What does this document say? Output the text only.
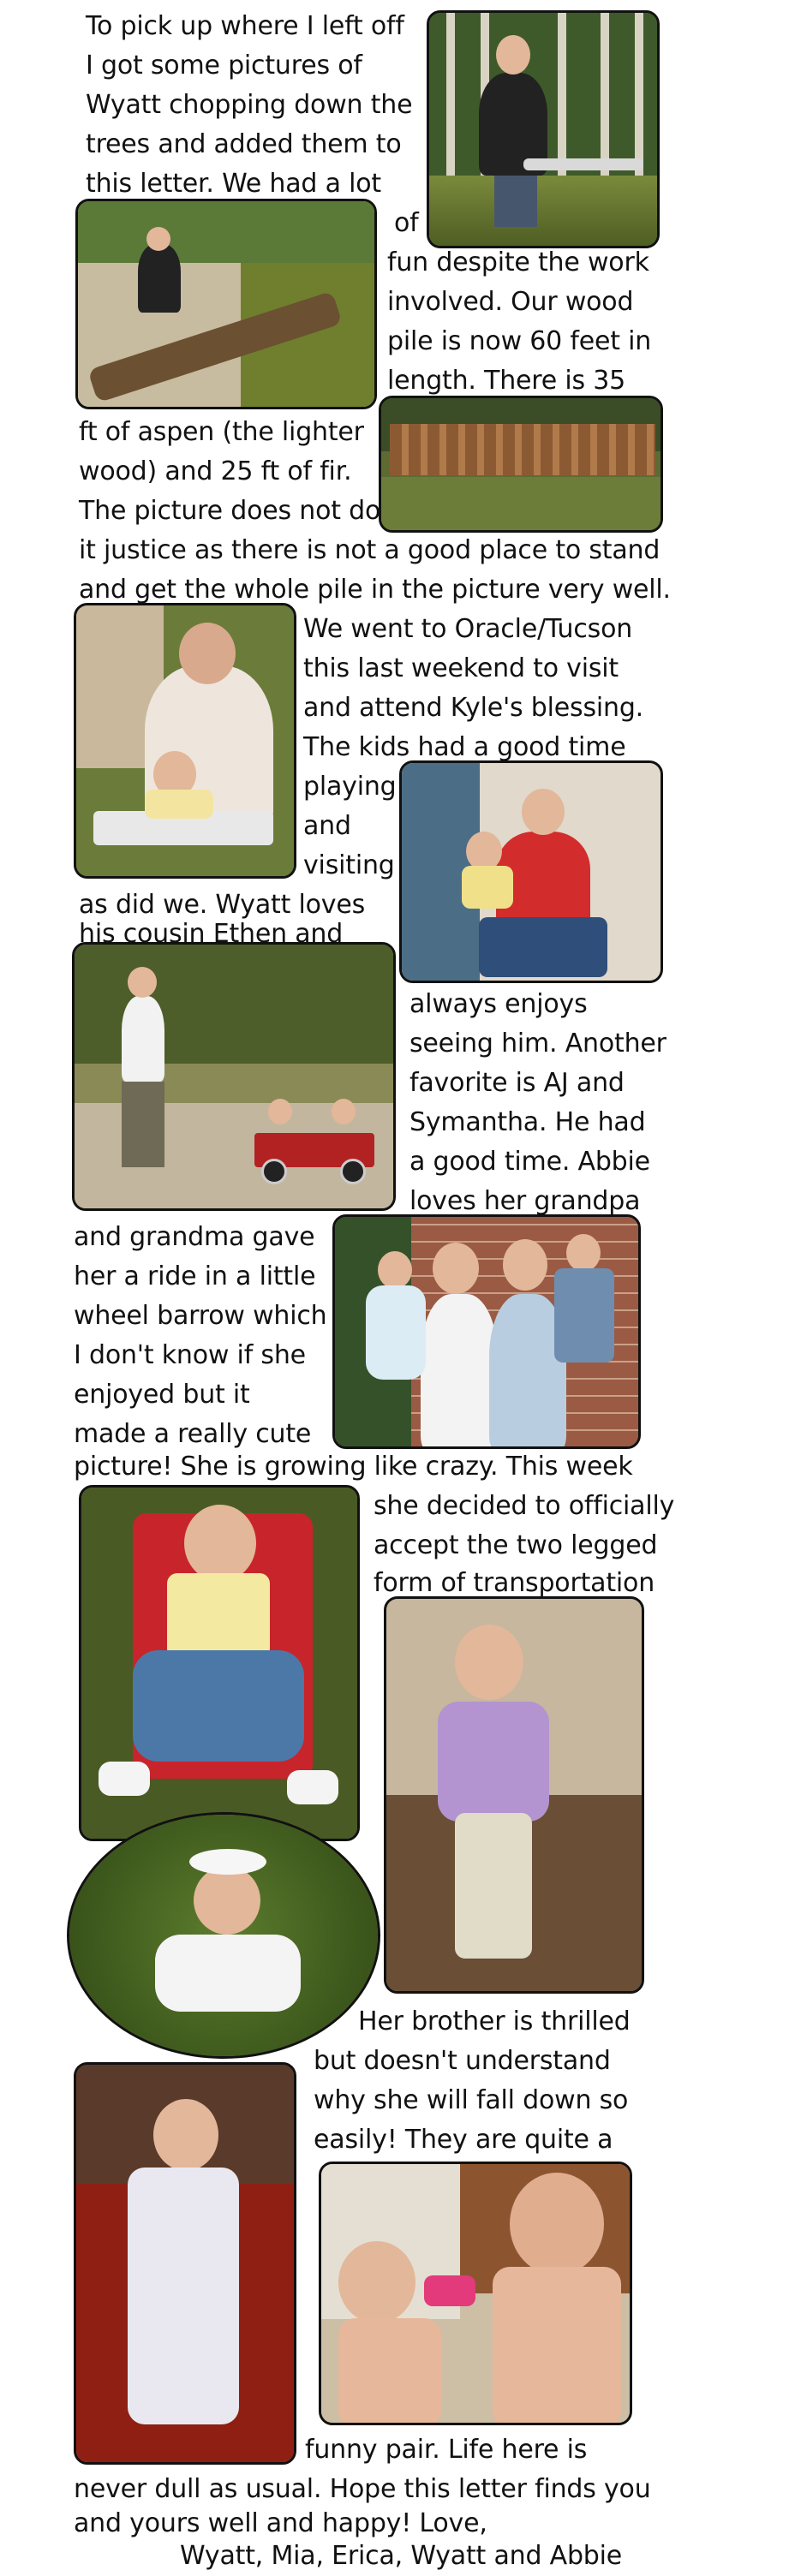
To pick up where I left off
I got some pictures of
Wyatt chopping down the
trees and added them to
this letter. We had a lot
of
fun despite the work
involved. Our wood
pile is now 60 feet in
length. There is 35
ft of aspen (the lighter
wood) and 25 ft of fir.
The picture does not do
it justice as there is not a good place to stand
and get the whole pile in the picture very well.
We went to Oracle/Tucson
this last weekend to visit
and attend Kyle's blessing.
The kids had a good time
playing
and
visiting
as did we. Wyatt loves
his cousin Ethen and
always enjoys
seeing him. Another
favorite is AJ and
Symantha. He had
a good time. Abbie
loves her grandpa
and grandma gave
her a ride in a little
wheel barrow which
I don't know if she
enjoyed but it
made a really cute
picture! She is growing like crazy. This week
she decided to officially
accept the two legged
form of transportation
Her brother is thrilled
but doesn't understand
why she will fall down so
easily! They are quite a
funny pair. Life here is
never dull as usual. Hope this letter finds you
and yours well and happy! Love,
Wyatt, Mia, Erica, Wyatt and Abbie
